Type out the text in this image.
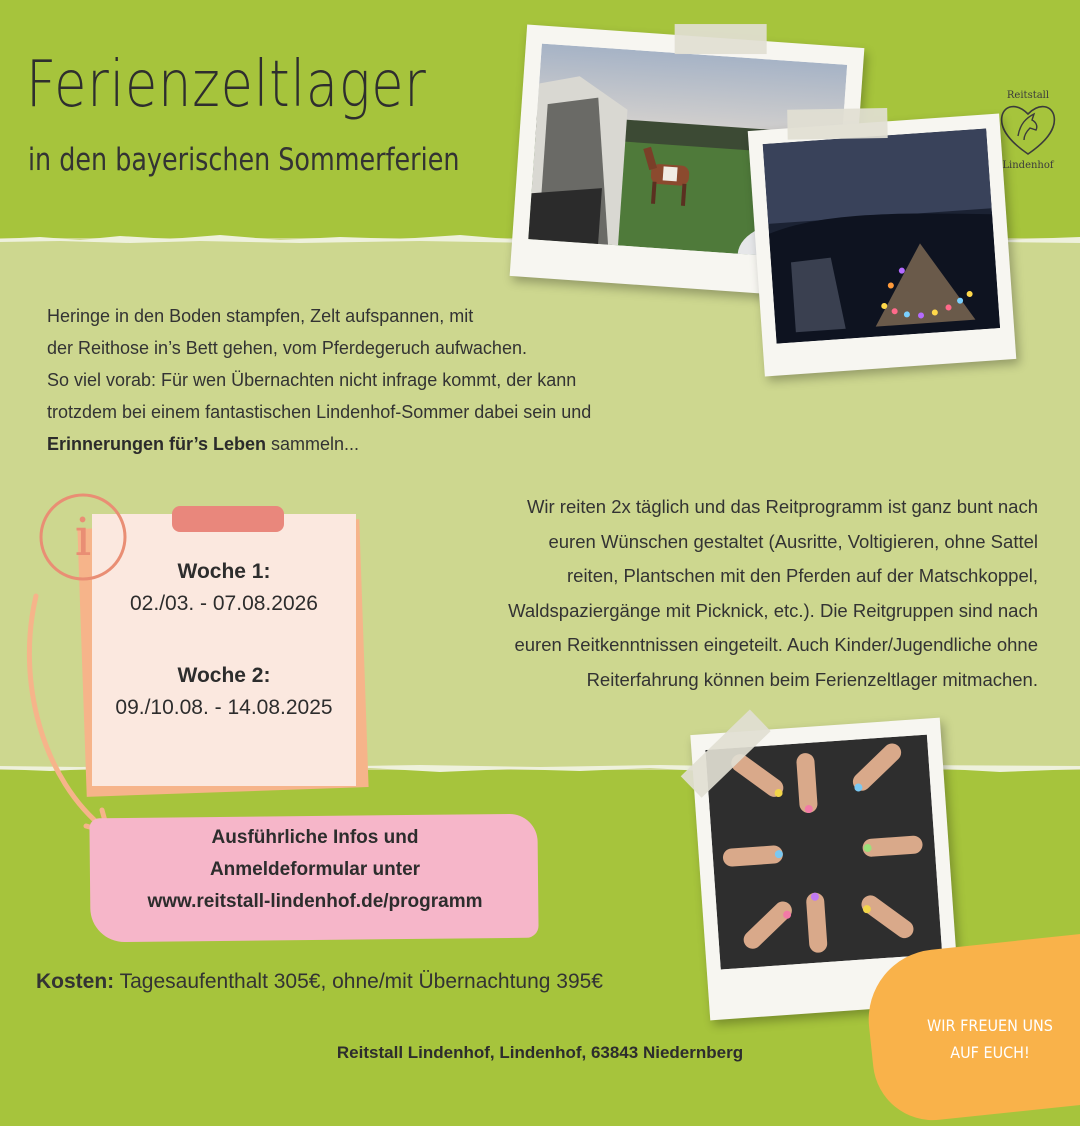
Ferienzeltlager
in den bayerischen Sommerferien
Reitstall
Lindenhof
Heringe in den Boden stampfen, Zelt aufspannen, mit
der Reithose in’s Bett gehen, vom Pferdegeruch aufwachen.
So viel vorab: Für wen Übernachten nicht infrage kommt, der kann
trotzdem bei einem fantastischen Lindenhof-Sommer dabei sein und
Erinnerungen für’s Leben sammeln...
Wir reiten 2x täglich und das Reitprogramm ist ganz bunt nach
euren Wünschen gestaltet (Ausritte, Voltigieren, ohne Sattel
reiten, Plantschen mit den Pferden auf der Matschkoppel,
Waldspaziergänge mit Picknick, etc.). Die Reitgruppen sind nach
euren Reitkenntnissen eingeteilt. Auch Kinder/Jugendliche ohne
Reiterfahrung können beim Ferienzeltlager mitmachen.
Woche 1:
02./03. - 07.08.2026
Woche 2:
09./10.08. - 14.08.2025
i
Ausführliche Infos und
Anmeldeformular unter
www.reitstall-lindenhof.de/programm
Kosten: Tagesaufenthalt 305€, ohne/mit Übernachtung 395€
Reitstall Lindenhof, Lindenhof, 63843 Niedernberg
WIR FREUEN UNS
AUF EUCH!
